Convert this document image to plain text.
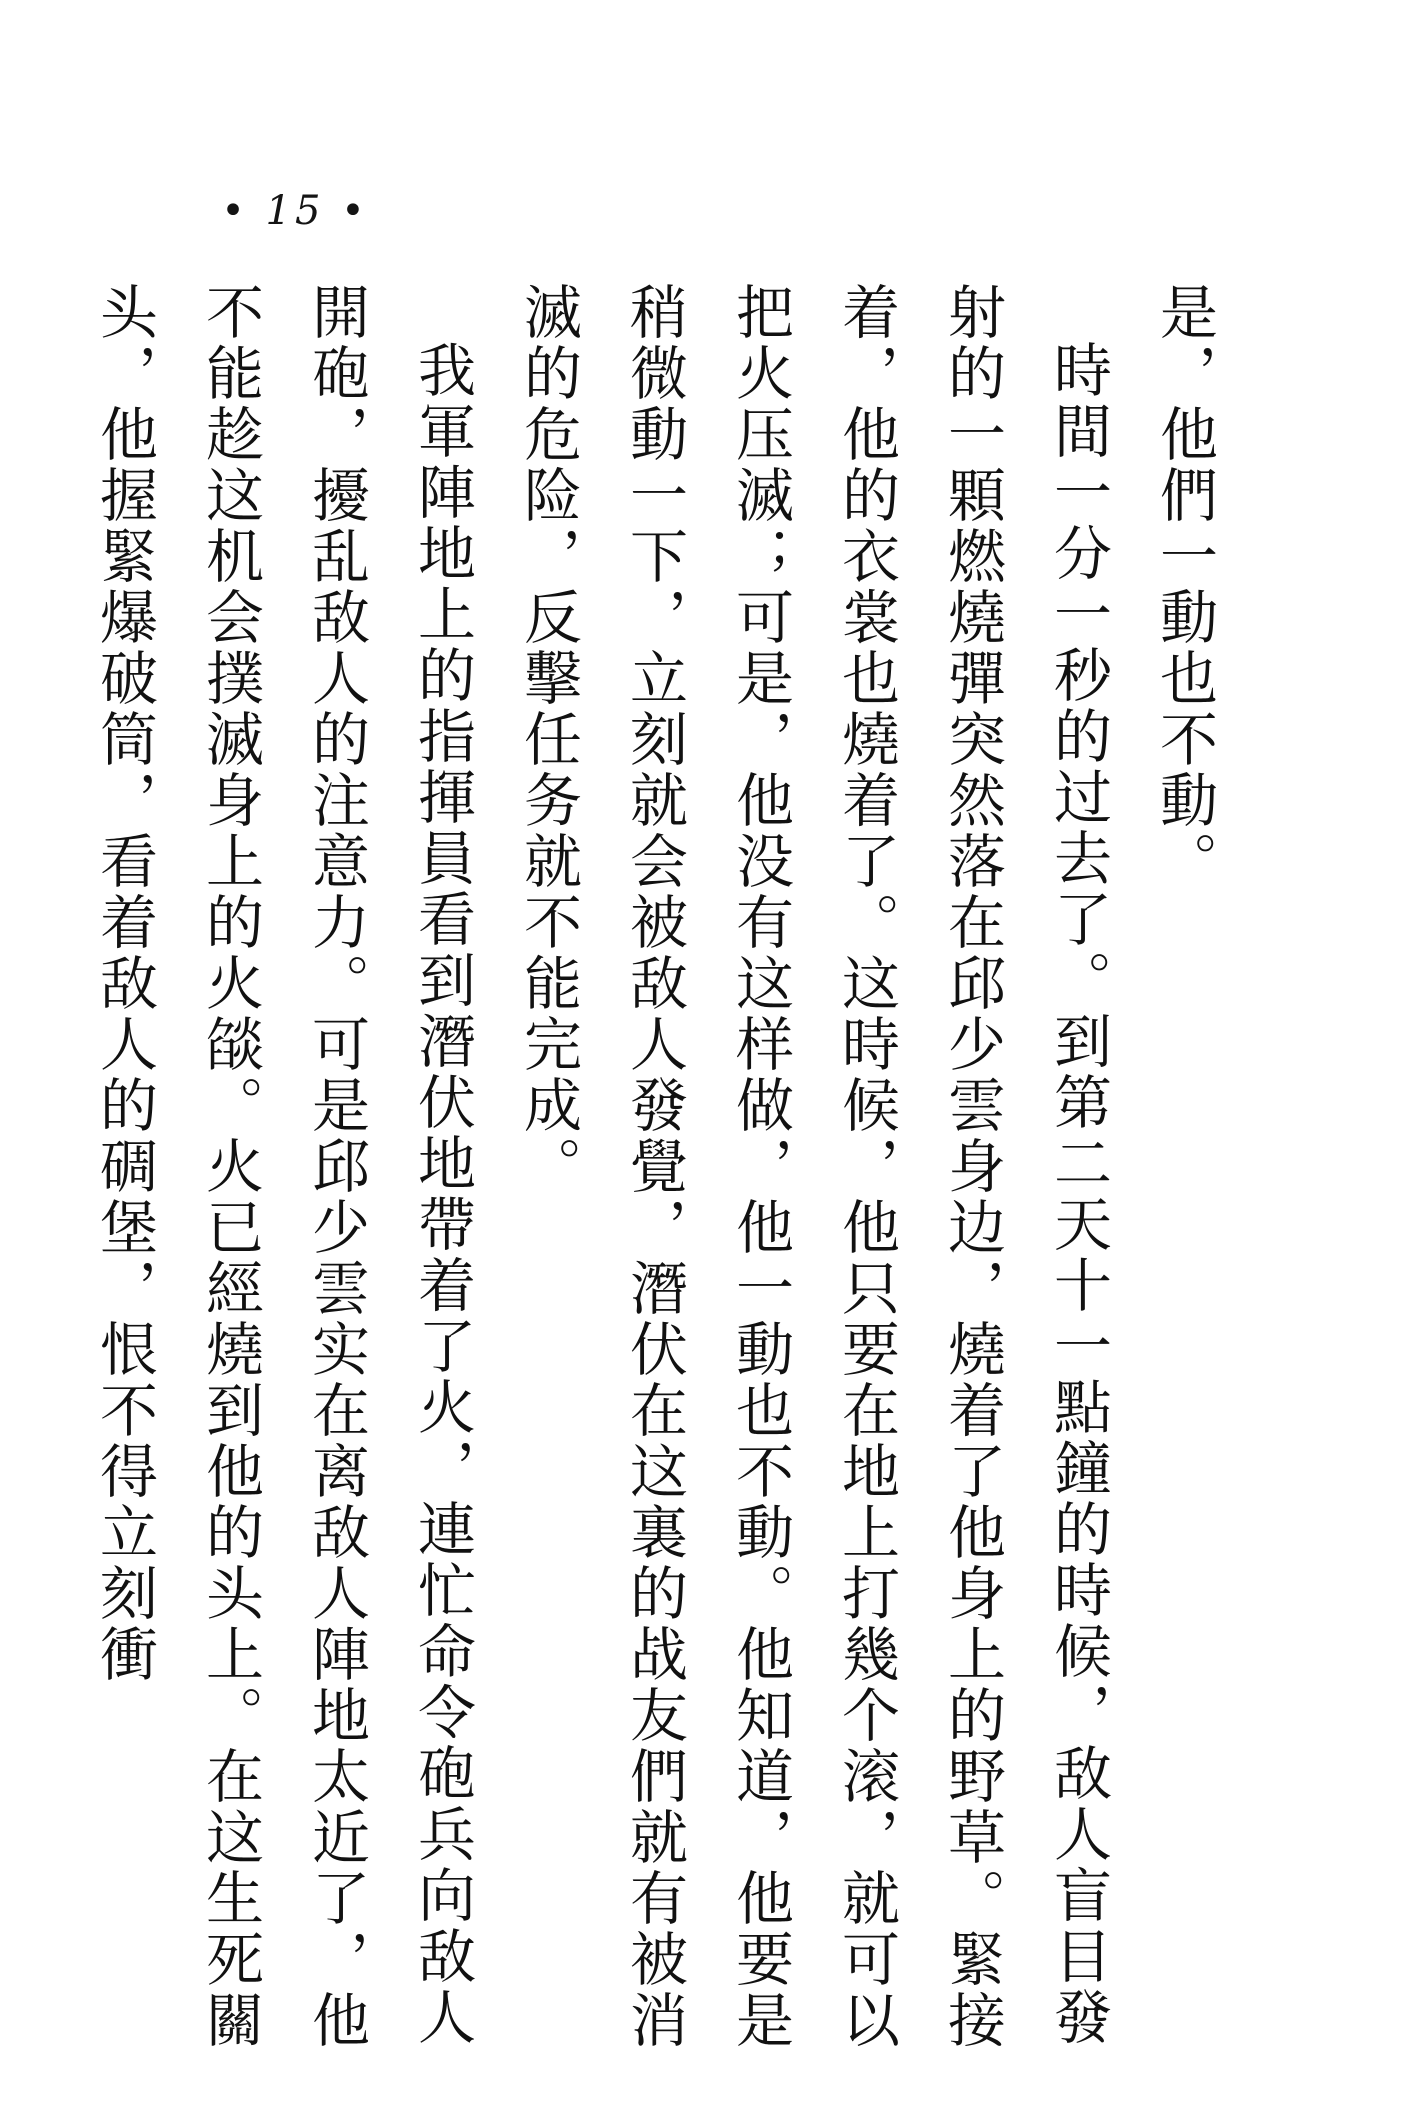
• 15 •

是，他們一動也不動。

時間一分一秒的过去了。到第二天十一點鐘的時候，敌人盲目發射的一顆燃燒彈突然落在邱少雲身边，燒着了他身上的野草。緊接着，他的衣裳也燒着了。这時候，他只要在地上打幾个滚，就可以把火压滅；可是，他没有这样做，他一動也不動。他知道，他要是稍微動一下，立刻就会被敌人發覺，潛伏在这裏的战友們就有被消滅的危险，反擊任务就不能完成。

我軍陣地上的指揮員看到潛伏地帶着了火，連忙命令砲兵向敌人開砲，擾乱敌人的注意力。可是邱少雲实在离敌人陣地太近了，他不能趁这机会撲滅身上的火燄。火已經燒到他的头上。在这生死關头，他握緊爆破筒，看着敌人的碉堡，恨不得立刻衝
